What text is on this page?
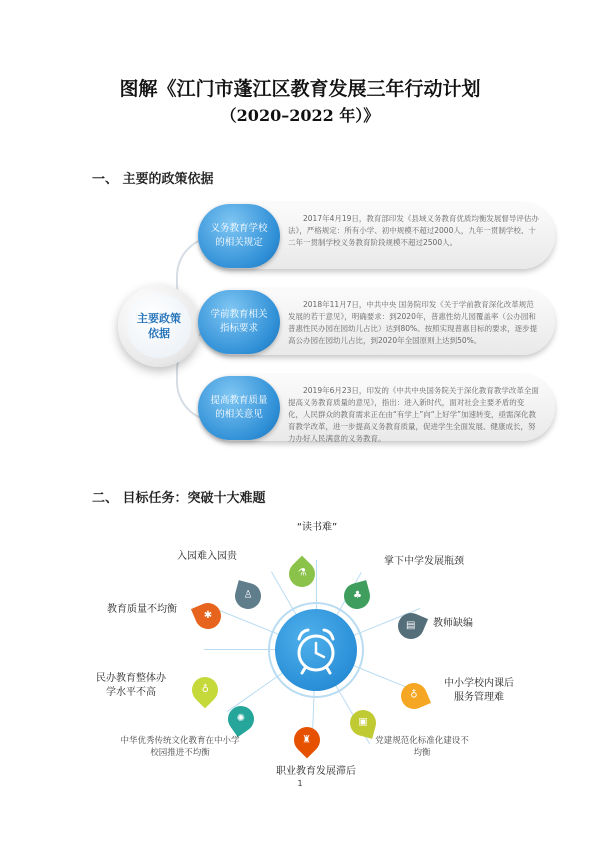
图解《江门市蓬江区教育发展三年行动计划
（2020–2022 年）》
一、 主要的政策依据
主要政策依据
义务教育学校的相关规定
2017年4月19日，教育部印发《县域义务教育优质均衡发展督导评估办法》，严格规定：所有小学、初中规模不超过2000人，九年一贯制学校、十二年一贯制学校义务教育阶段规模不超过2500人。
学前教育相关指标要求
2018年11月7日，中共中央 国务院印发《关于学前教育深化改革规范发展的若干意见》，明确要求：到2020年，普惠性幼儿园覆盖率（公办园和普惠性民办园在园幼儿占比）达到80%。按照实现普惠目标的要求，逐步提高公办园在园幼儿占比，到2020年全国原则上达到50%。
提高教育质量的相关意见
2019年6月23日，印发的《中共中央国务院关于深化教育教学改革全面提高义务教育质量的意见》，指出：进入新时代，面对社会主要矛盾的变化，人民群众的教育需求正在由“有学上”向“上好学”加速转变，亟需深化教育教学改革，进一步提高义务教育质量，促进学生全面发展、健康成长，努力办好人民满意的义务教育。
二、 目标任务：突破十大难题
⚗
♙	♣
✱
▤
♁
♁
✺	▣
♜
“读书难”
入园难入园贵	掌下中学发展瓶颈
教育质量不均衡
教师缺编
民办教育整体办学水平不高
中小学校内课后服务管理难
中华优秀传统文化教育在中小学校园推进不均衡
党建规范化标准化建设不均衡
职业教育发展滞后
1
